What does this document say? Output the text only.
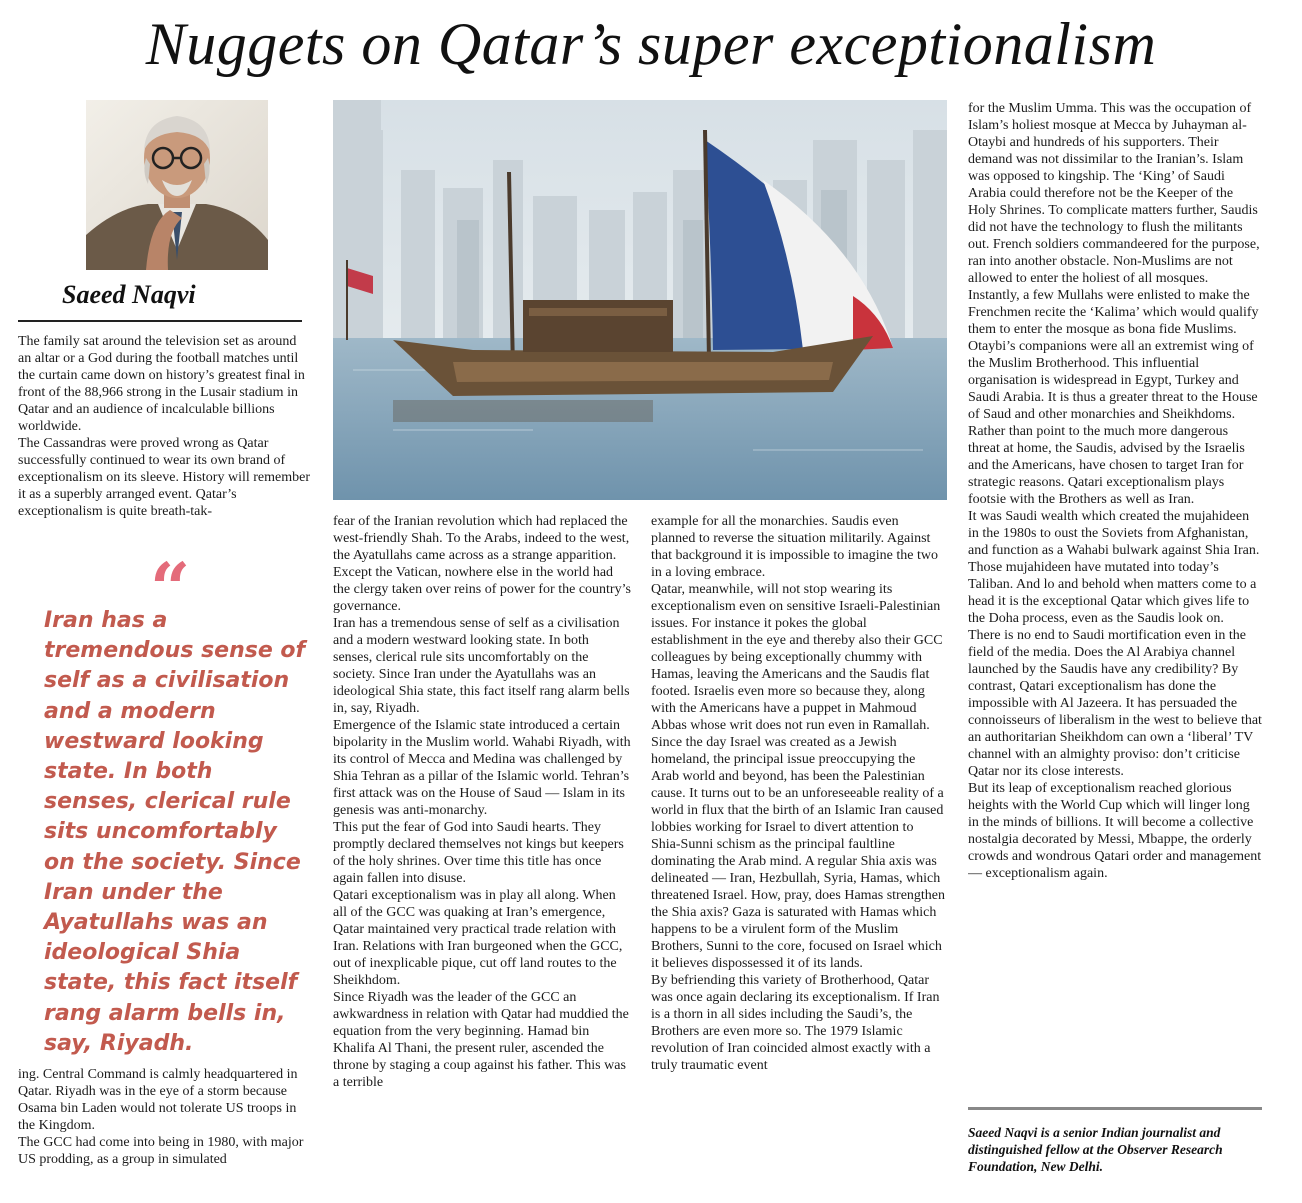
Nuggets on Qatar’s super exceptionalism
Saeed Naqvi

The family sat around the television set as around an altar or a God during the football matches until the curtain came down on history’s greatest final in front of the 88,966 strong in the Lusair stadium in Qatar and an audience of incalculable billions worldwide.

The Cassandras were proved wrong as Qatar successfully continued to wear its own brand of exceptionalism on its sleeve. History will remember it as a superbly arranged event. Qatar’s exceptionalism is quite breath-tak-

“

Iran has a tremendous sense of self as a civilisation and a modern westward looking state. In both senses, clerical rule sits uncomfortably on the society. Since Iran under the Ayatullahs was an ideological Shia state, this fact itself rang alarm bells in, say, Riyadh.

ing. Central Command is calmly headquartered in Qatar. Riyadh was in the eye of a storm because Osama bin Laden would not tolerate US troops in the Kingdom.

The GCC had come into being in 1980, with major US prodding, as a group in simulated

fear of the Iranian revolution which had replaced the west-friendly Shah. To the Arabs, indeed to the west, the Ayatullahs came across as a strange apparition. Except the Vatican, nowhere else in the world had the clergy taken over reins of power for the country’s governance.

Iran has a tremendous sense of self as a civilisation and a modern westward looking state. In both senses, clerical rule sits uncomfortably on the society. Since Iran under the Ayatullahs was an ideological Shia state, this fact itself rang alarm bells in, say, Riyadh.

Emergence of the Islamic state introduced a certain bipolarity in the Muslim world. Wahabi Riyadh, with its control of Mecca and Medina was challenged by Shia Tehran as a pillar of the Islamic world. Tehran’s first attack was on the House of Saud — Islam in its genesis was anti-monarchy.

This put the fear of God into Saudi hearts. They promptly declared themselves not kings but keepers of the holy shrines. Over time this title has once again fallen into disuse.

Qatari exceptionalism was in play all along. When all of the GCC was quaking at Iran’s emergence, Qatar maintained very practical trade relation with Iran. Relations with Iran burgeoned when the GCC, out of inexplicable pique, cut off land routes to the Sheikhdom.

Since Riyadh was the leader of the GCC an awkwardness in relation with Qatar had muddied the equation from the very beginning. Hamad bin Khalifa Al Thani, the present ruler, ascended the throne by staging a coup against his father. This was a terrible

example for all the monarchies. Saudis even planned to reverse the situation militarily. Against that background it is impossible to imagine the two in a loving embrace.

Qatar, meanwhile, will not stop wearing its exceptionalism even on sensitive Israeli-Palestinian issues. For instance it pokes the global establishment in the eye and thereby also their GCC colleagues by being exceptionally chummy with Hamas, leaving the Americans and the Saudis flat footed. Israelis even more so because they, along with the Americans have a puppet in Mahmoud Abbas whose writ does not run even in Ramallah.

Since the day Israel was created as a Jewish homeland, the principal issue preoccupying the Arab world and beyond, has been the Palestinian cause. It turns out to be an unforeseeable reality of a world in flux that the birth of an Islamic Iran caused lobbies working for Israel to divert attention to Shia-Sunni schism as the principal faultline dominating the Arab mind. A regular Shia axis was delineated — Iran, Hezbullah, Syria, Hamas, which threatened Israel. How, pray, does Hamas strengthen the Shia axis? Gaza is saturated with Hamas which happens to be a virulent form of the Muslim Brothers, Sunni to the core, focused on Israel which it believes dispossessed it of its lands.

By befriending this variety of Brotherhood, Qatar was once again declaring its exceptionalism. If Iran is a thorn in all sides including the Saudi’s, the Brothers are even more so. The 1979 Islamic revolution of Iran coincided almost exactly with a truly traumatic event

for the Muslim Umma. This was the occupation of Islam’s holiest mosque at Mecca by Juhayman al-Otaybi and hundreds of his supporters. Their demand was not dissimilar to the Iranian’s. Islam was opposed to kingship. The ‘King’ of Saudi Arabia could therefore not be the Keeper of the Holy Shrines. To complicate matters further, Saudis did not have the technology to flush the militants out. French soldiers commandeered for the purpose, ran into another obstacle. Non-Muslims are not allowed to enter the holiest of all mosques. Instantly, a few Mullahs were enlisted to make the Frenchmen recite the ‘Kalima’ which would qualify them to enter the mosque as bona fide Muslims.

Otaybi’s companions were all an extremist wing of the Muslim Brotherhood. This influential organisation is widespread in Egypt, Turkey and Saudi Arabia. It is thus a greater threat to the House of Saud and other monarchies and Sheikhdoms. Rather than point to the much more dangerous threat at home, the Saudis, advised by the Israelis and the Americans, have chosen to target Iran for strategic reasons. Qatari exceptionalism plays footsie with the Brothers as well as Iran.

It was Saudi wealth which created the mujahideen in the 1980s to oust the Soviets from Afghanistan, and function as a Wahabi bulwark against Shia Iran. Those mujahideen have mutated into today’s Taliban. And lo and behold when matters come to a head it is the exceptional Qatar which gives life to the Doha process, even as the Saudis look on.

There is no end to Saudi mortification even in the field of the media. Does the Al Arabiya channel launched by the Saudis have any credibility? By contrast, Qatari exceptionalism has done the impossible with Al Jazeera. It has persuaded the connoisseurs of liberalism in the west to believe that an authoritarian Sheikhdom can own a ‘liberal’ TV channel with an almighty proviso: don’t criticise Qatar nor its close interests.

But its leap of exceptionalism reached glorious heights with the World Cup which will linger long in the minds of billions. It will become a collective nostalgia decorated by Messi, Mbappe, the orderly crowds and wondrous Qatari order and management — exceptionalism again.

Saeed Naqvi is a senior Indian journalist and distinguished fellow at the Observer Research Foundation, New Delhi.
